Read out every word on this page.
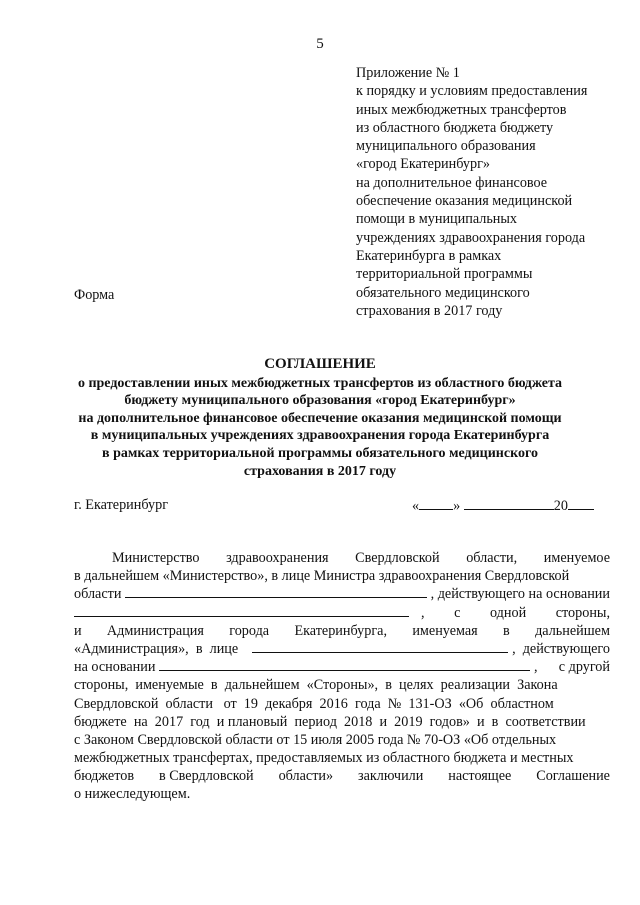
5
Приложение № 1
к порядку и условиям предоставления
иных межбюджетных трансфертов
из областного бюджета бюджету
муниципального образования
«город Екатеринбург»
на дополнительное финансовое
обеспечение оказания медицинской
помощи в муниципальных
учреждениях здравоохранения города
Екатеринбурга в рамках
территориальной программы
обязательного медицинского
страхования в 2017 году
Форма
СОГЛАШЕНИЕ
о предоставлении иных межбюджетных трансфертов из областного бюджета
бюджету муниципального образования «город Екатеринбург»
на дополнительное финансовое обеспечение оказания медицинской помощи
в муниципальных учреждениях здравоохранения города Екатеринбурга
в рамках территориальной программы обязательного медицинского
страхования в 2017 году
г. Екатеринбург	« »	20
Министерство здравоохранения Свердловской области, именуемое
в дальнейшем «Министерство», в лице Министра здравоохранения Свердловской
области	, действующего на основании
, с одной стороны,
и Администрация города Екатеринбурга, именуемая в дальнейшем
«Администрация»,  в  лице	,  действующего
на основании	, с другой
стороны,  именуемые  в  дальнейшем  «Стороны»,  в  целях  реализации  Закона
Свердловской  области   от  19  декабря  2016  года  №  131-ОЗ  «Об  областном
бюджете  на  2017  год  и плановый  период  2018  и  2019  годов»  и  в  соответствии
с Законом Свердловской области от 15 июля 2005 года № 70-ОЗ «Об отдельных
межбюджетных трансфертах, предоставляемых из областного бюджета и местных
бюджетов в Свердловской области» заключили настоящее Соглашение
о нижеследующем.
